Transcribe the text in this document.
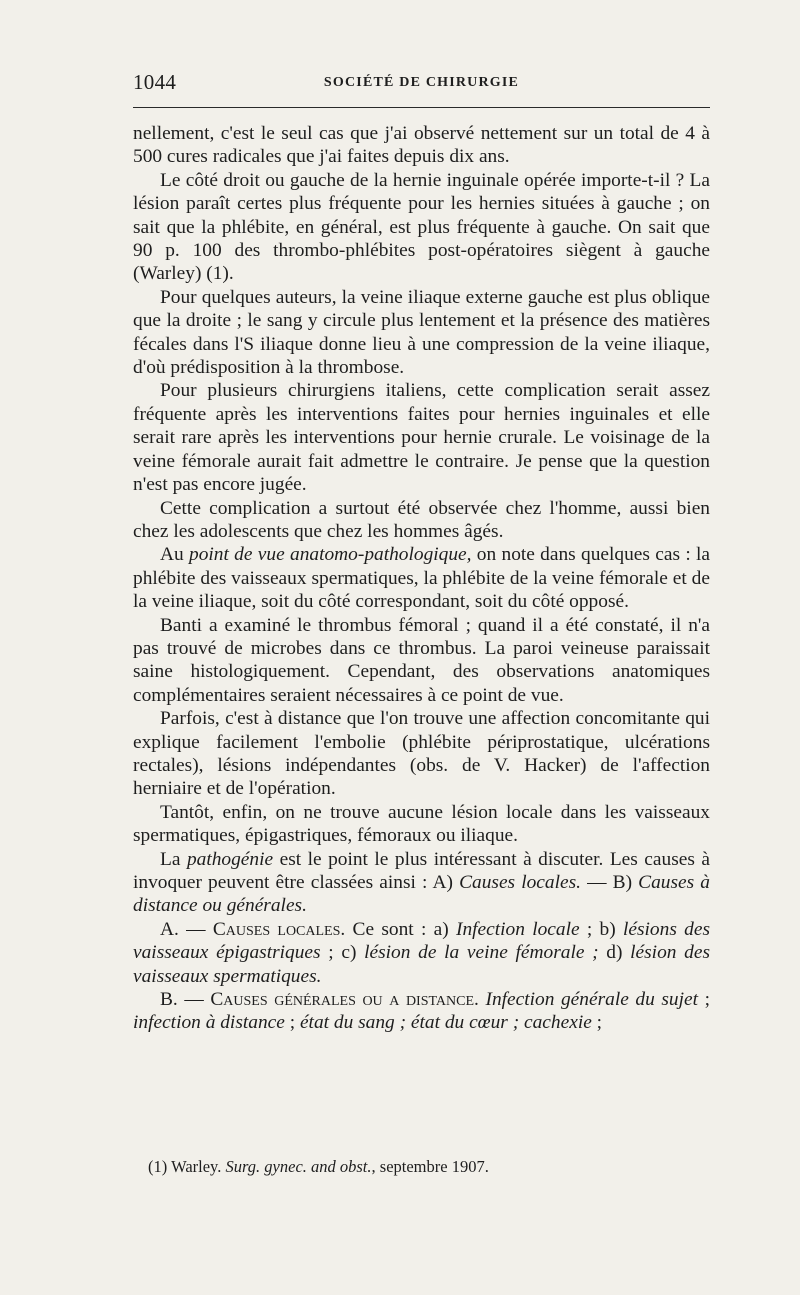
1044	SOCIÉTÉ DE CHIRURGIE

nellement, c'est le seul cas que j'ai observé nettement sur un total de 4 à 500 cures radicales que j'ai faites depuis dix ans.

Le côté droit ou gauche de la hernie inguinale opérée importe-t-il ? La lésion paraît certes plus fréquente pour les hernies situées à gauche ; on sait que la phlébite, en général, est plus fréquente à gauche. On sait que 90 p. 100 des thrombo-phlébites post-opératoires siègent à gauche (Warley) (1).

Pour quelques auteurs, la veine iliaque externe gauche est plus oblique que la droite ; le sang y circule plus lentement et la présence des matières fécales dans l'S iliaque donne lieu à une compression de la veine iliaque, d'où prédisposition à la thrombose.

Pour plusieurs chirurgiens italiens, cette complication serait assez fréquente après les interventions faites pour hernies inguinales et elle serait rare après les interventions pour hernie crurale. Le voisinage de la veine fémorale aurait fait admettre le contraire. Je pense que la question n'est pas encore jugée.

Cette complication a surtout été observée chez l'homme, aussi bien chez les adolescents que chez les hommes âgés.

Au point de vue anatomo-pathologique, on note dans quelques cas : la phlébite des vaisseaux spermatiques, la phlébite de la veine fémorale et de la veine iliaque, soit du côté correspondant, soit du côté opposé.

Banti a examiné le thrombus fémoral ; quand il a été constaté, il n'a pas trouvé de microbes dans ce thrombus. La paroi veineuse paraissait saine histologiquement. Cependant, des observations anatomiques complémentaires seraient nécessaires à ce point de vue.

Parfois, c'est à distance que l'on trouve une affection concomitante qui explique facilement l'embolie (phlébite périprostatique, ulcérations rectales), lésions indépendantes (obs. de V. Hacker) de l'affection herniaire et de l'opération.

Tantôt, enfin, on ne trouve aucune lésion locale dans les vaisseaux spermatiques, épigastriques, fémoraux ou iliaque.

La pathogénie est le point le plus intéressant à discuter. Les causes à invoquer peuvent être classées ainsi : A) Causes locales. — B) Causes à distance ou générales.

A. — Causes locales. Ce sont : a) Infection locale ; b) lésions des vaisseaux épigastriques ; c) lésion de la veine fémorale ; d) lésion des vaisseaux spermatiques.

B. — Causes générales ou a distance. Infection générale du sujet ; infection à distance ; état du sang ; état du cœur ; cachexie ;

(1) Warley. Surg. gynec. and obst., septembre 1907.
